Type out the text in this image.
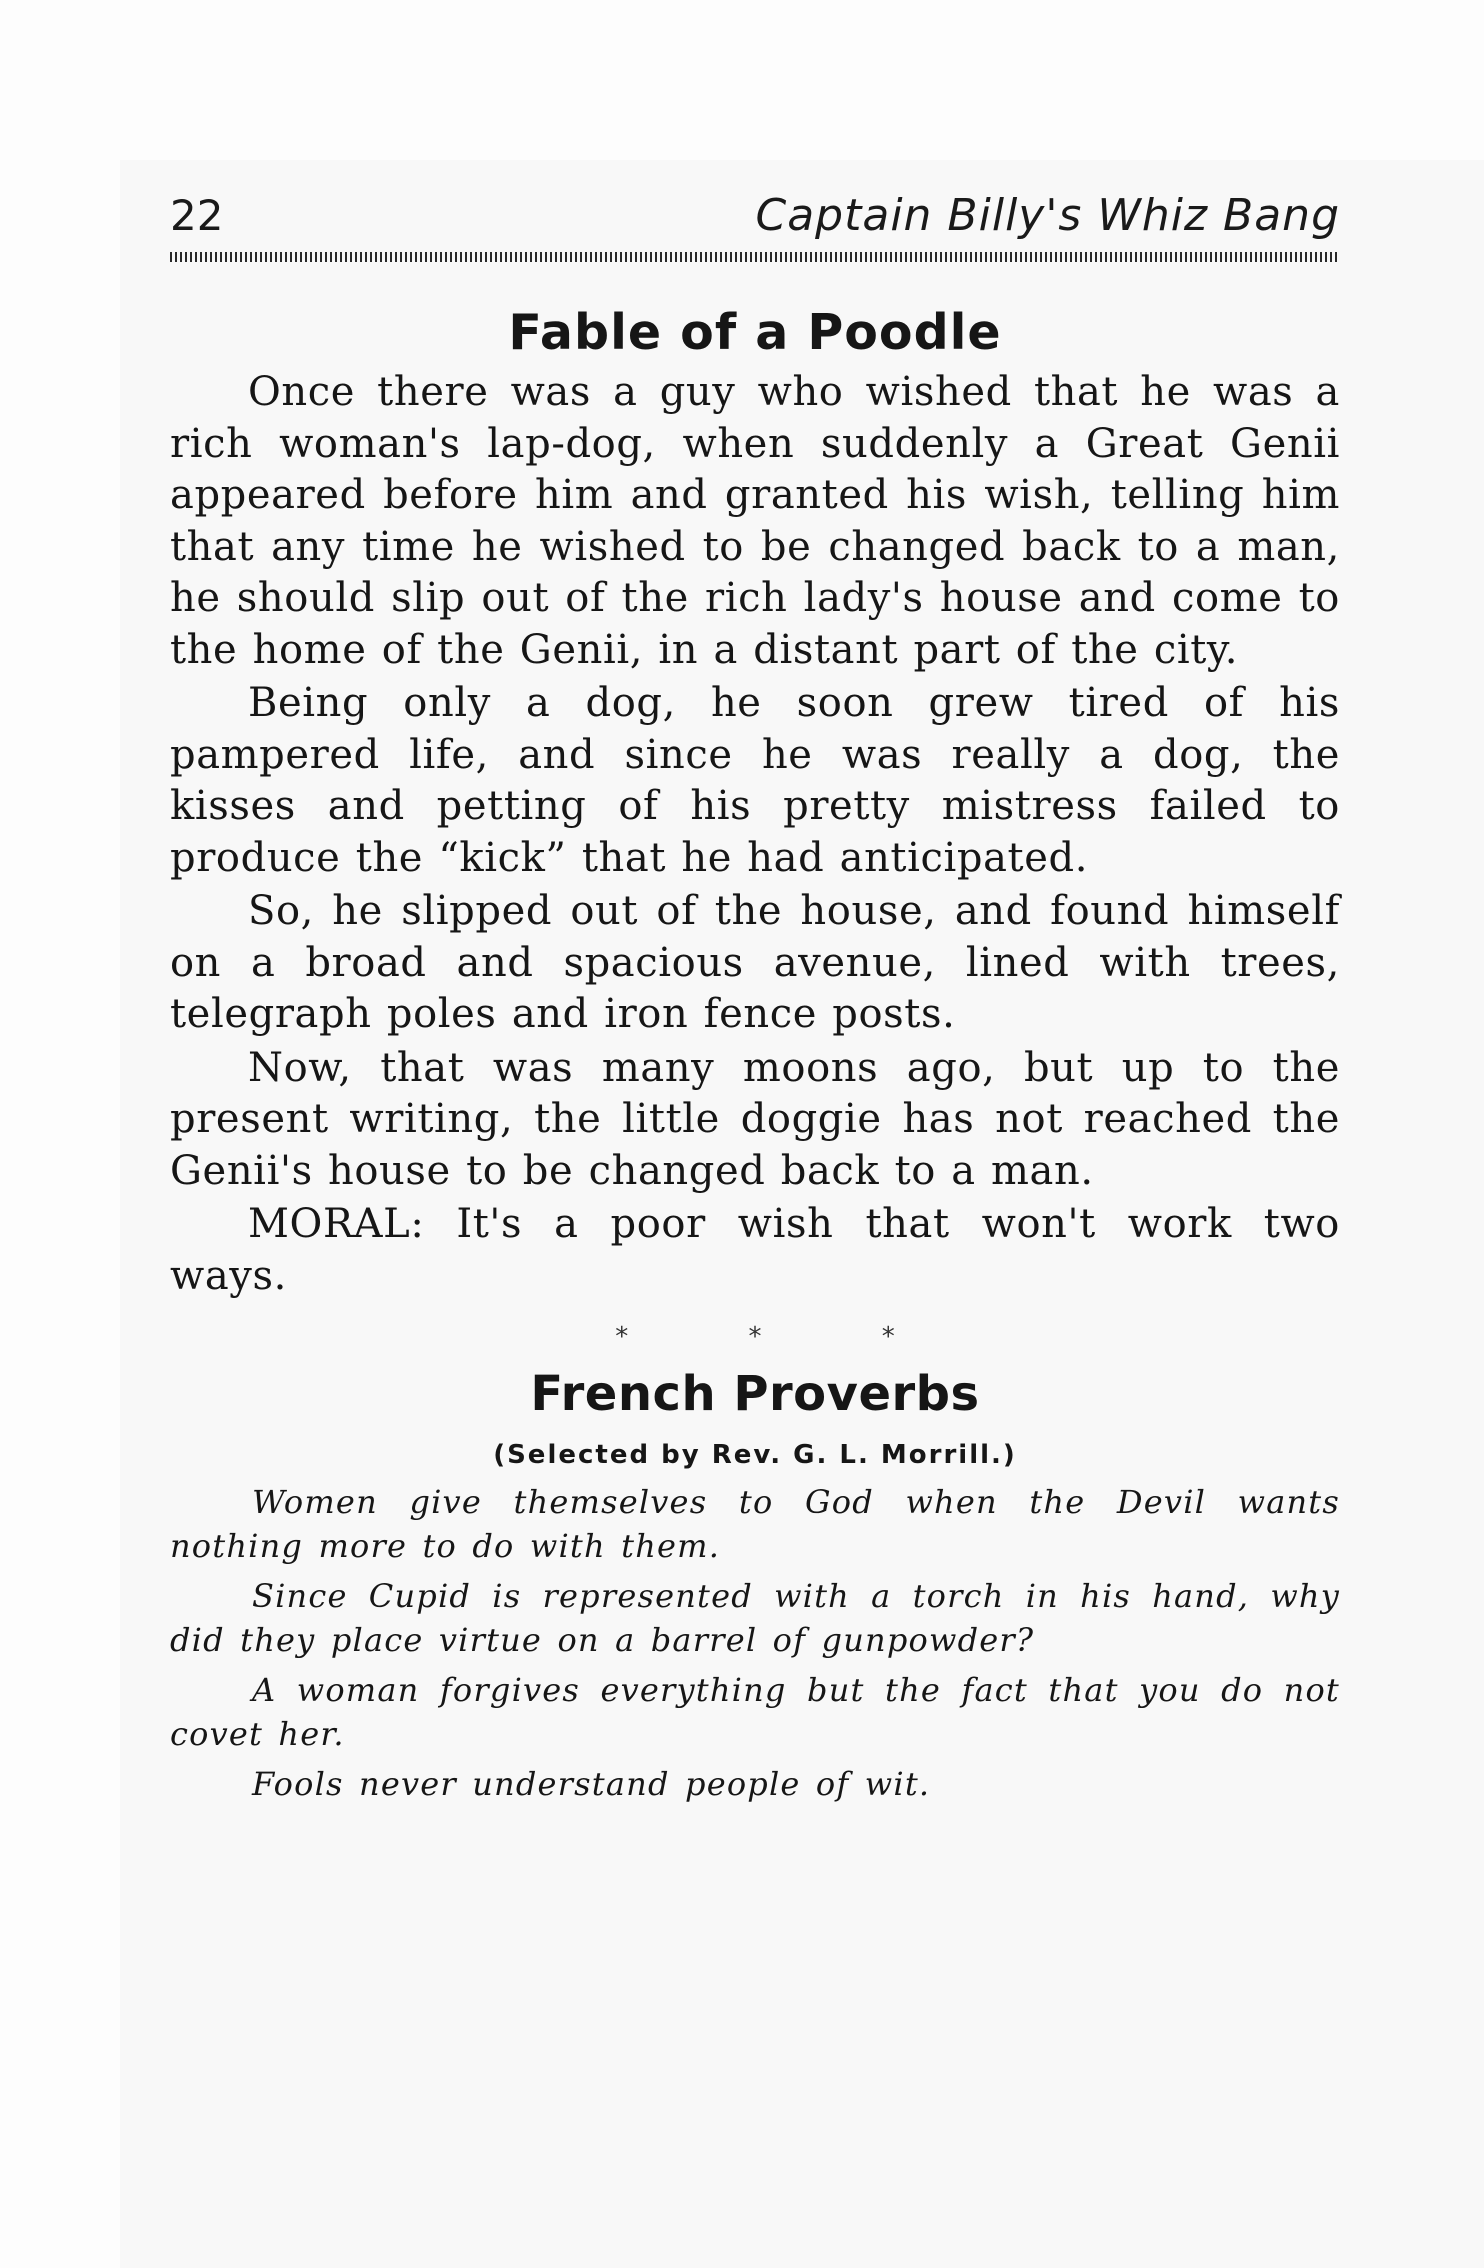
22	Captain Billy's Whiz Bang
Fable of a Poodle

Once there was a guy who wished that he was a rich woman's lap-dog, when suddenly a Great Genii appeared before him and granted his wish, telling him that any time he wished to be changed back to a man, he should slip out of the rich lady's house and come to the home of the Genii, in a distant part of the city.

Being only a dog, he soon grew tired of his pampered life, and since he was really a dog, the kisses and petting of his pretty mistress failed to produce the “kick” that he had anticipated.

So, he slipped out of the house, and found himself on a broad and spacious avenue, lined with trees, telegraph poles and iron fence posts.

Now, that was many moons ago, but up to the present writing, the little doggie has not reached the Genii's house to be changed back to a man.

MORAL: It's a poor wish that won't work two ways.

* * *
French Proverbs
(Selected by Rev. G. L. Morrill.)

Women give themselves to God when the Devil wants nothing more to do with them.

Since Cupid is represented with a torch in his hand, why did they place virtue on a barrel of gunpowder?

A woman forgives everything but the fact that you do not covet her.

Fools never understand people of wit.
